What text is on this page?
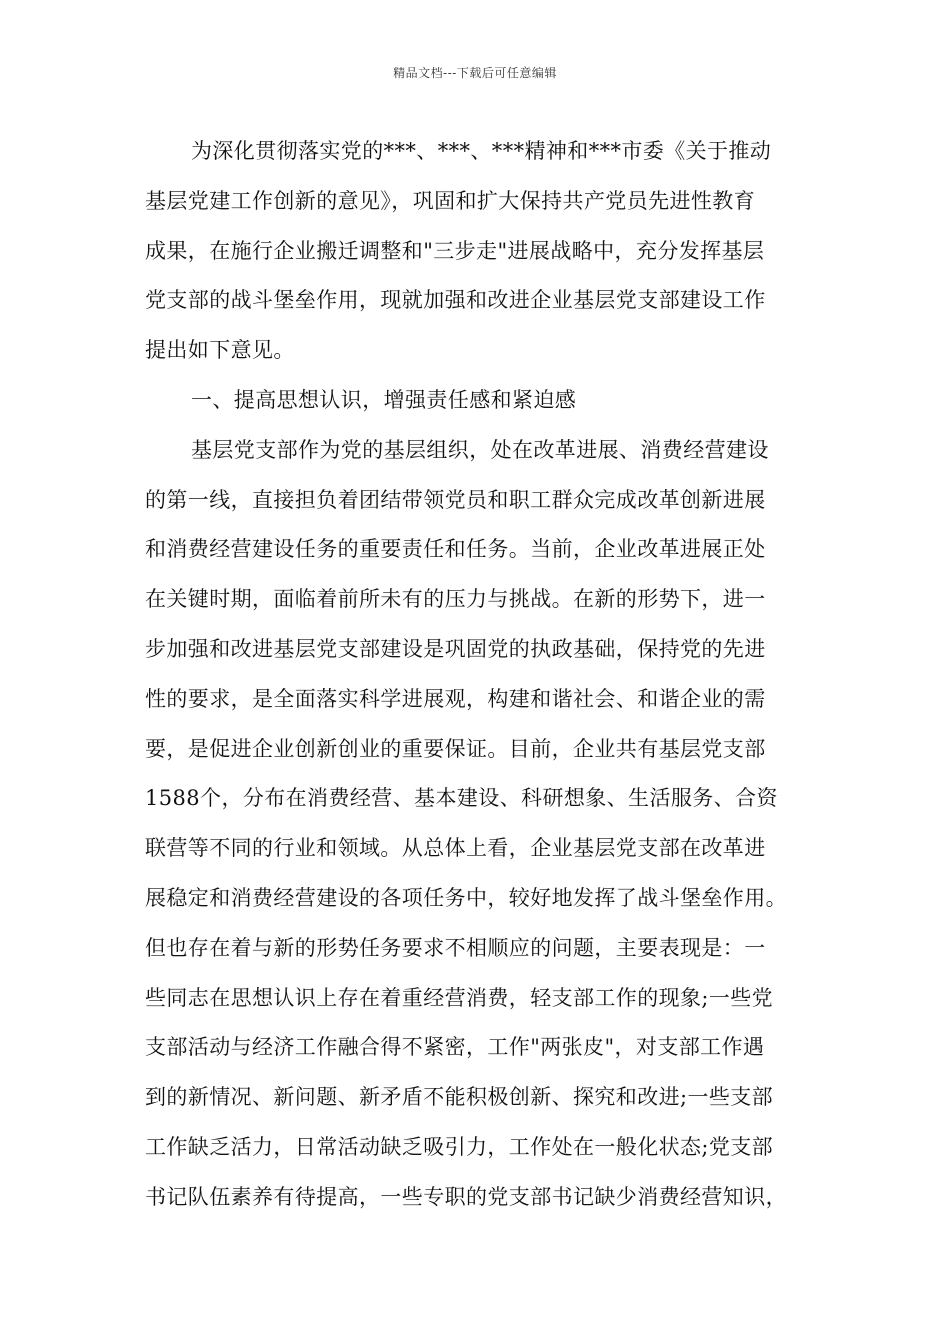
精品文档---下载后可任意编辑
为深化贯彻落实党的***、***、***精神和***市委《关于推动
基层党建工作创新的意见》，巩固和扩大保持共产党员先进性教育
成果，在施行企业搬迁调整和"三步走"进展战略中，充分发挥基层
党支部的战斗堡垒作用，现就加强和改进企业基层党支部建设工作
提出如下意见。
一、提高思想认识，增强责任感和紧迫感
基层党支部作为党的基层组织，处在改革进展、消费经营建设
的第一线，直接担负着团结带领党员和职工群众完成改革创新进展
和消费经营建设任务的重要责任和任务。当前，企业改革进展正处
在关键时期，面临着前所未有的压力与挑战。在新的形势下，进一
步加强和改进基层党支部建设是巩固党的执政基础，保持党的先进
性的要求，是全面落实科学进展观，构建和谐社会、和谐企业的需
要，是促进企业创新创业的重要保证。目前，企业共有基层党支部
1588个，分布在消费经营、基本建设、科研想象、生活服务、合资
联营等不同的行业和领域。从总体上看，企业基层党支部在改革进
展稳定和消费经营建设的各项任务中，较好地发挥了战斗堡垒作用。
但也存在着与新的形势任务要求不相顺应的问题，主要表现是：一
些同志在思想认识上存在着重经营消费，轻支部工作的现象;一些党
支部活动与经济工作融合得不紧密，工作"两张皮"，对支部工作遇
到的新情况、新问题、新矛盾不能积极创新、探究和改进;一些支部
工作缺乏活力，日常活动缺乏吸引力，工作处在一般化状态;党支部
书记队伍素养有待提高，一些专职的党支部书记缺少消费经营知识，
